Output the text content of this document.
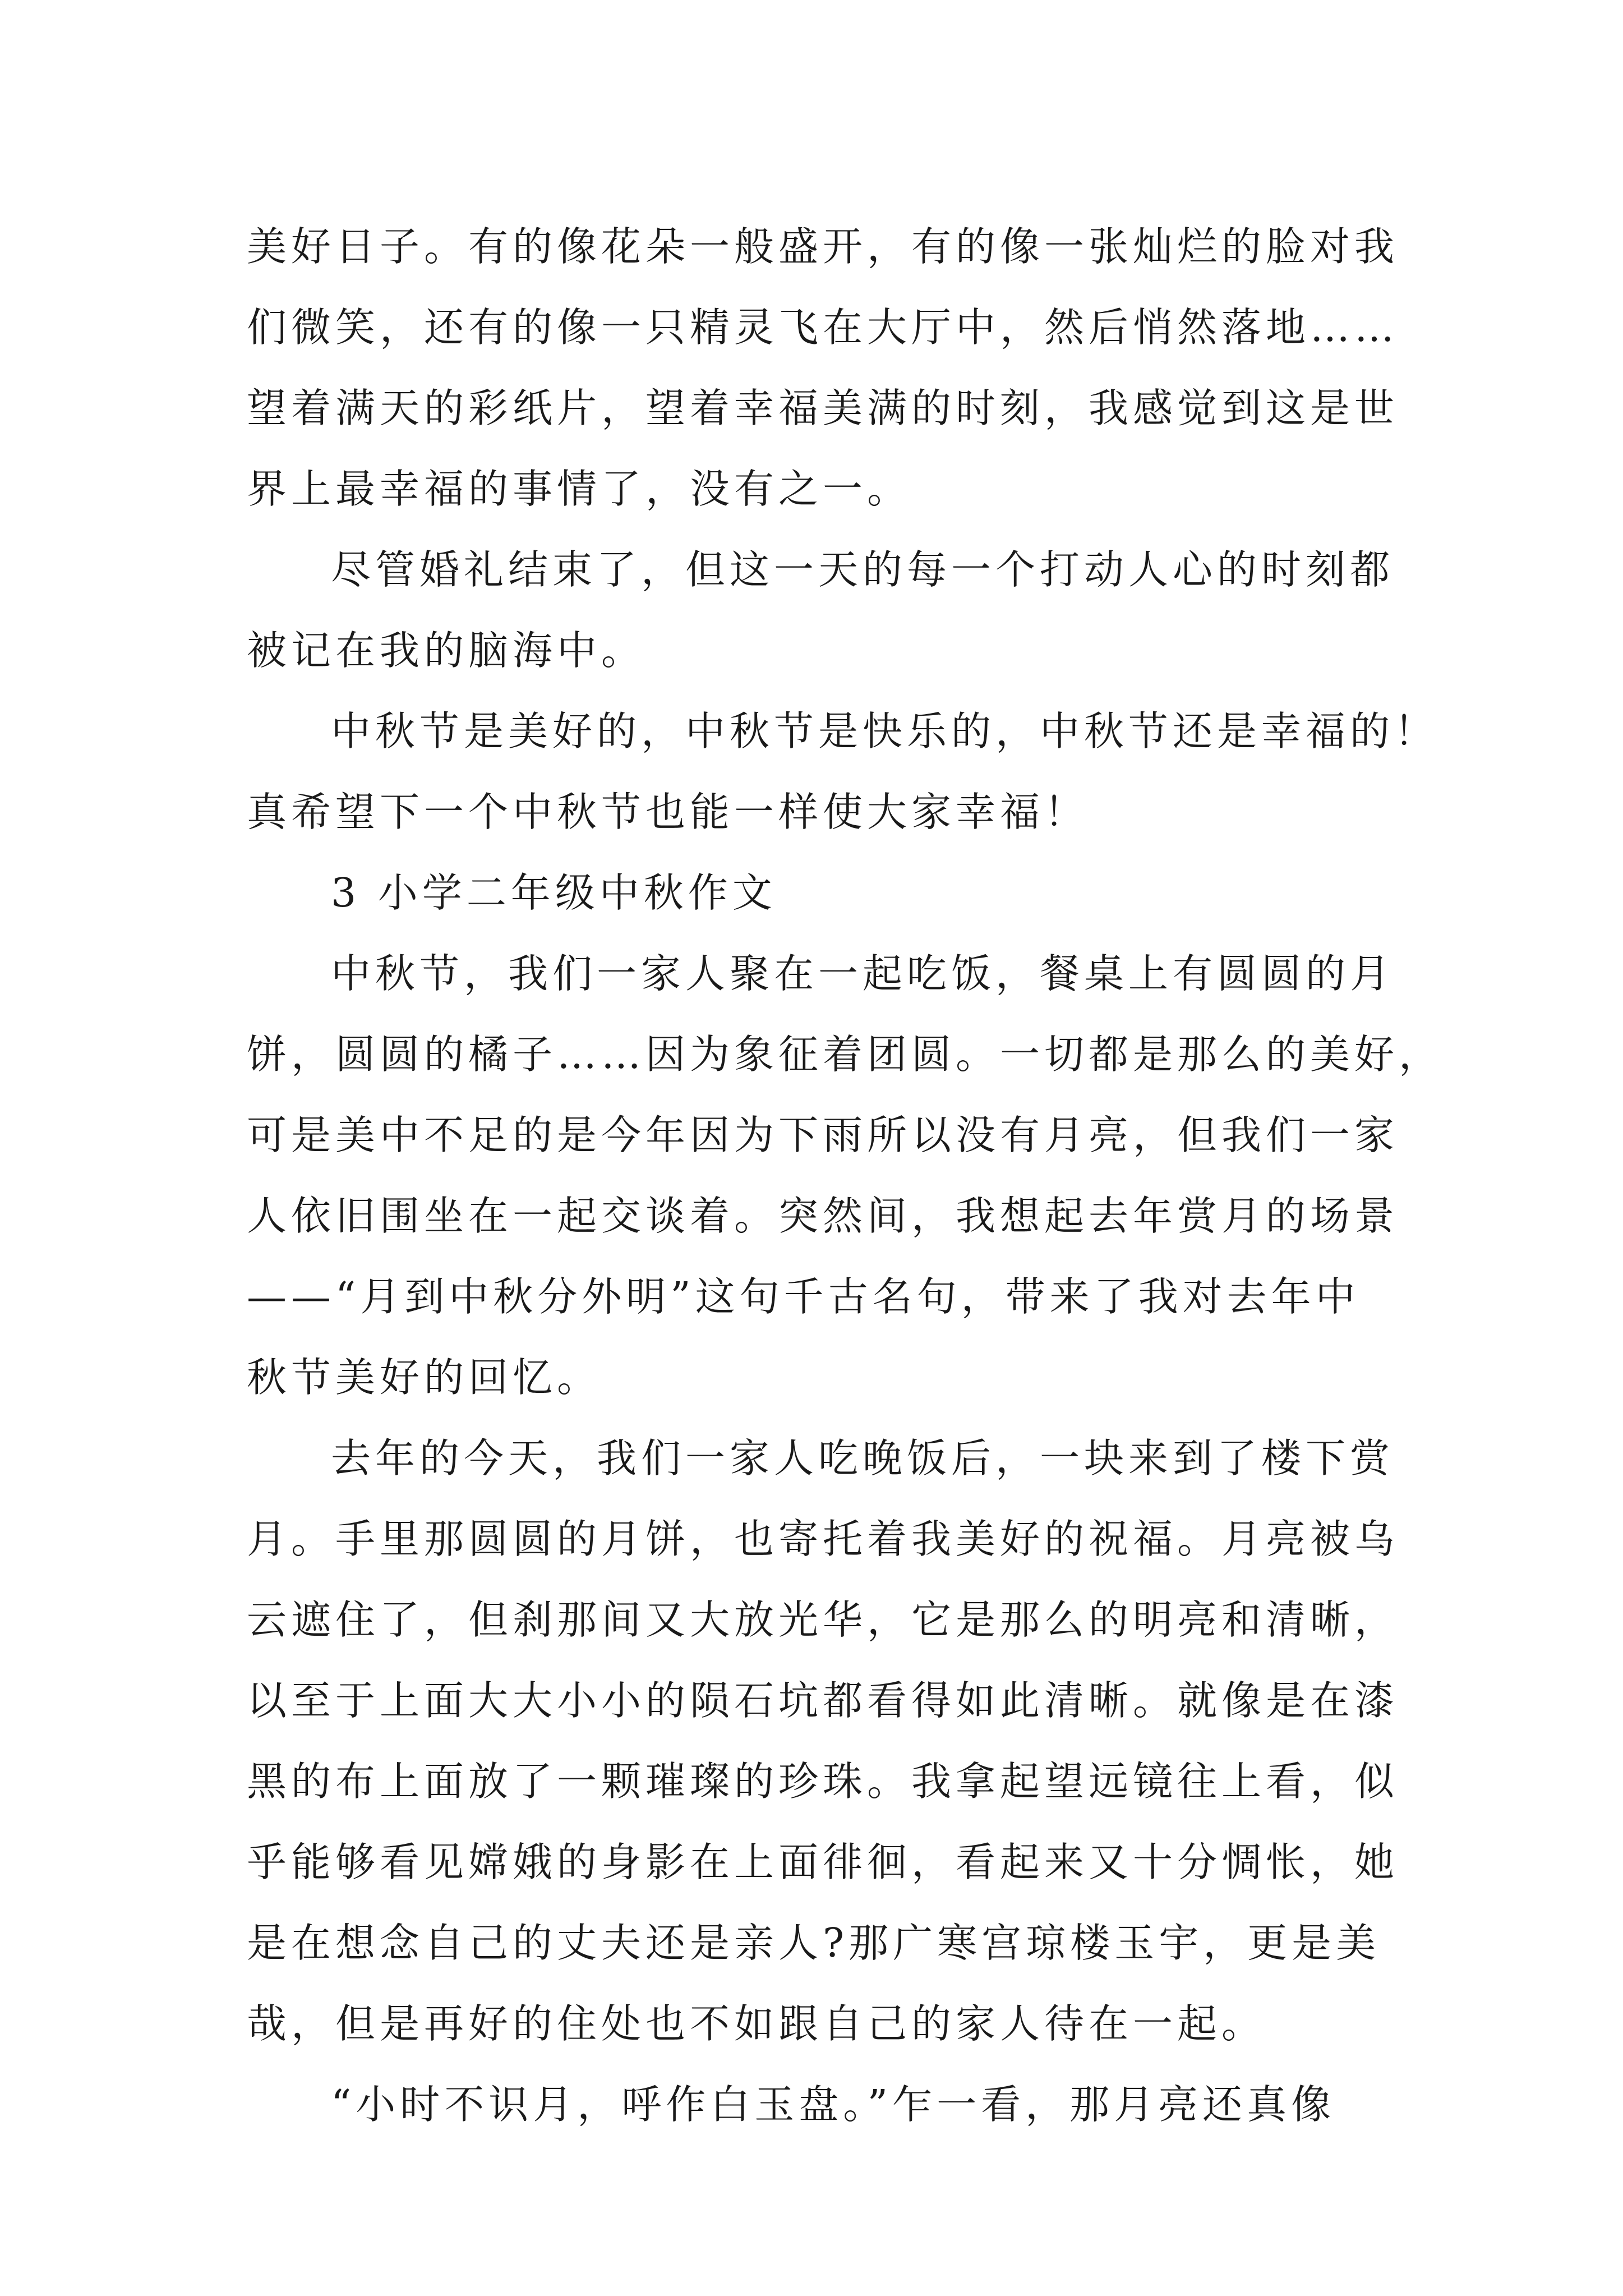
美好日子。有的像花朵一般盛开，有的像一张灿烂的脸对我
们微笑，还有的像一只精灵飞在大厅中，然后悄然落地……
望着满天的彩纸片，望着幸福美满的时刻，我感觉到这是世
界上最幸福的事情了，没有之一。
尽管婚礼结束了，但这一天的每一个打动人心的时刻都
被记在我的脑海中。
中秋节是美好的，中秋节是快乐的，中秋节还是幸福的！
真希望下一个中秋节也能一样使大家幸福！
3 小学二年级中秋作文
中秋节，我们一家人聚在一起吃饭，餐桌上有圆圆的月
饼，圆圆的橘子……因为象征着团圆。一切都是那么的美好，
可是美中不足的是今年因为下雨所以没有月亮，但我们一家
人依旧围坐在一起交谈着。突然间，我想起去年赏月的场景
——“月到中秋分外明”这句千古名句，带来了我对去年中
秋节美好的回忆。
去年的今天，我们一家人吃晚饭后，一块来到了楼下赏
月。手里那圆圆的月饼，也寄托着我美好的祝福。月亮被乌
云遮住了，但刹那间又大放光华，它是那么的明亮和清晰，
以至于上面大大小小的陨石坑都看得如此清晰。就像是在漆
黑的布上面放了一颗璀璨的珍珠。我拿起望远镜往上看，似
乎能够看见嫦娥的身影在上面徘徊，看起来又十分惆怅，她
是在想念自己的丈夫还是亲人?那广寒宫琼楼玉宇，更是美
哉，但是再好的住处也不如跟自己的家人待在一起。
“小时不识月，呼作白玉盘。”乍一看，那月亮还真像
